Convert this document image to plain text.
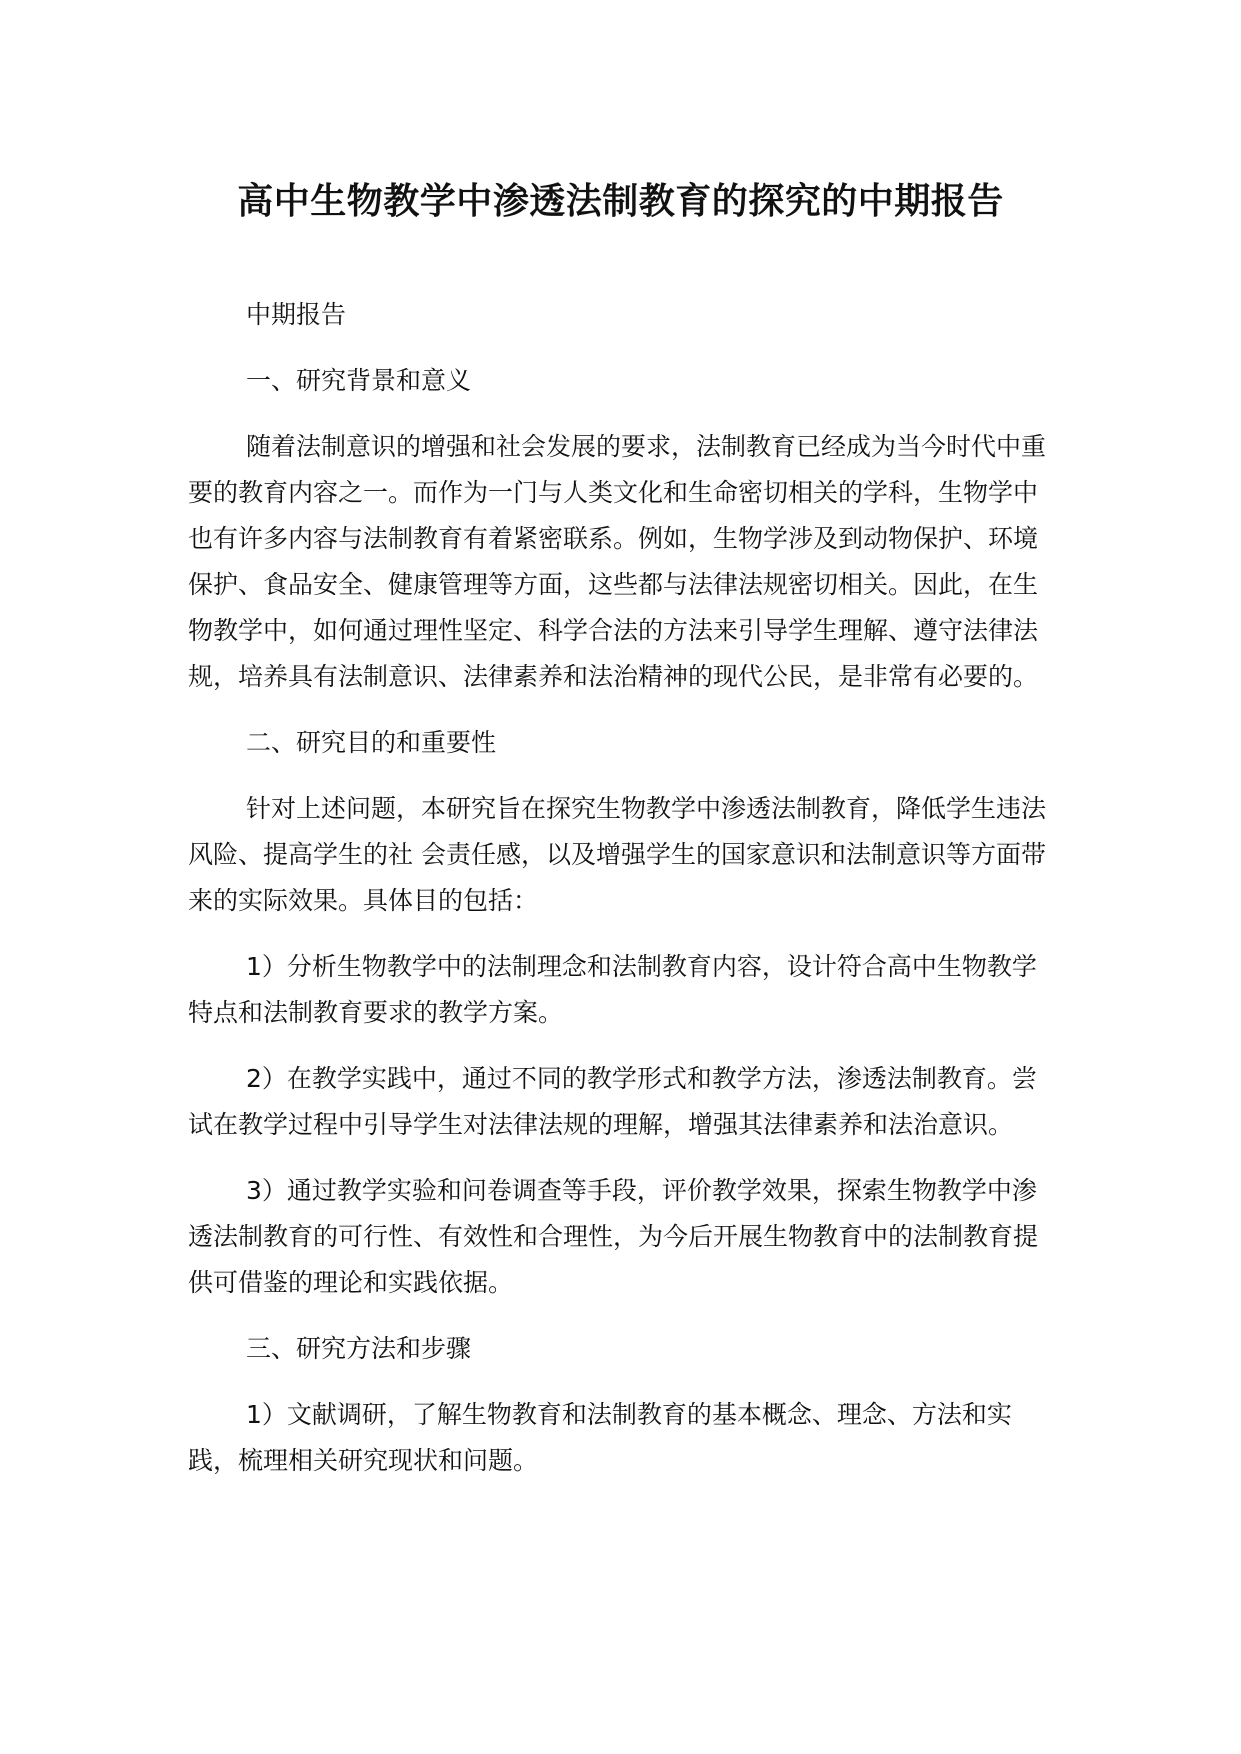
高中生物教学中渗透法制教育的探究的中期报告

中期报告

一、研究背景和意义

随着法制意识的增强和社会发展的要求，法制教育已经成为当今时代中重要的教育内容之一。而作为一门与人类文化和生命密切相关的学科，生物学中也有许多内容与法制教育有着紧密联系。例如，生物学涉及到动物保护、环境保护、食品安全、健康管理等方面，这些都与法律法规密切相关。因此，在生物教学中，如何通过理性坚定、科学合法的方法来引导学生理解、遵守法律法规，培养具有法制意识、法律素养和法治精神的现代公民，是非常有必要的。

二、研究目的和重要性

针对上述问题，本研究旨在探究生物教学中渗透法制教育，降低学生违法风险、提高学生的社 会责任感，以及增强学生的国家意识和法制意识等方面带来的实际效果。具体目的包括：

1）分析生物教学中的法制理念和法制教育内容，设计符合高中生物教学特点和法制教育要求的教学方案。

2）在教学实践中，通过不同的教学形式和教学方法，渗透法制教育。尝试在教学过程中引导学生对法律法规的理解，增强其法律素养和法治意识。

3）通过教学实验和问卷调查等手段，评价教学效果，探索生物教学中渗透法制教育的可行性、有效性和合理性，为今后开展生物教育中的法制教育提供可借鉴的理论和实践依据。

三、研究方法和步骤

1）文献调研，了解生物教育和法制教育的基本概念、理念、方法和实践，梳理相关研究现状和问题。
